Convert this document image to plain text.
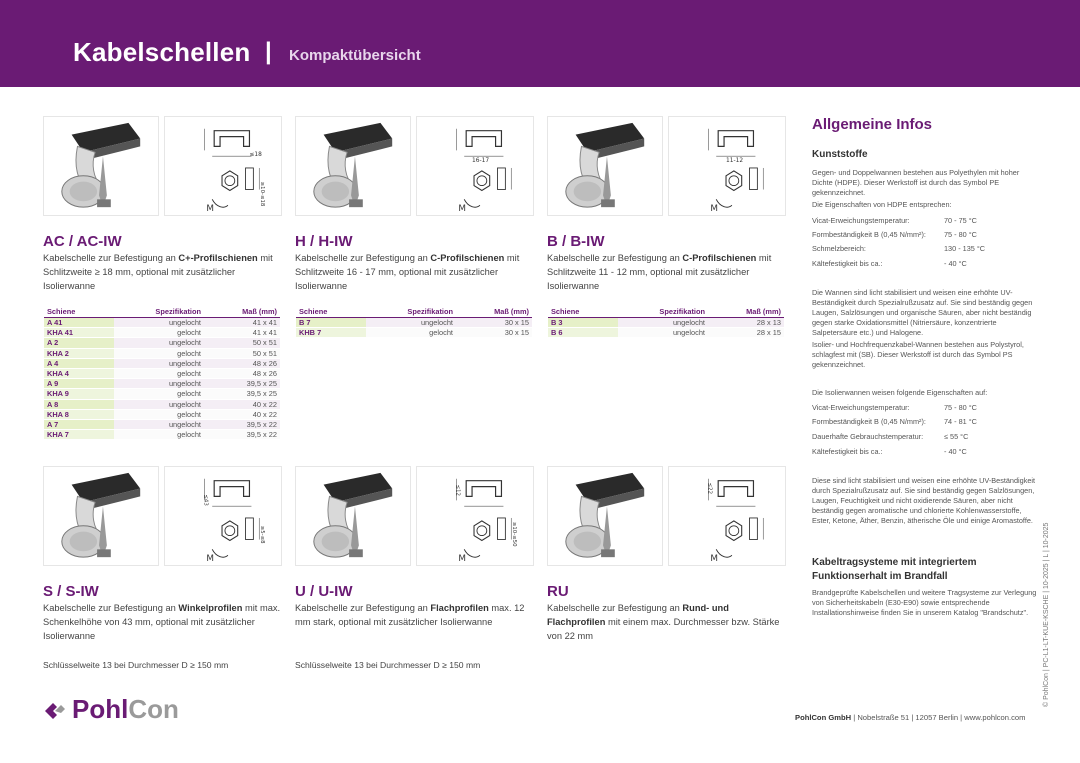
Kabelschellen | Kompaktübersicht
≤18
≥10-≤18
AC / AC-IW
Kabelschelle zur Befestigung an C+-Profilschienen mit Schlitzweite ≥ 18 mm, optional mit zusätzlicher Isolierwanne
Schiene	Spezifikation	Maß (mm)
A 41	ungelocht	41 x 41
KHA 41	gelocht	41 x 41
A 2	ungelocht	50 x 51
KHA 2	gelocht	50 x 51
A 4	ungelocht	48 x 26
KHA 4	gelocht	48 x 26
A 9	ungelocht	39,5 x 25
KHA 9	gelocht	39,5 x 25
A 8	ungelocht	40 x 22
KHA 8	gelocht	40 x 22
A 7	ungelocht	39,5 x 22
KHA 7	gelocht	39,5 x 22
16-17
H / H-IW
Kabelschelle zur Befestigung an C-Profilschienen mit Schlitzweite 16 - 17 mm, optional mit zusätzlicher Isolierwanne
Schiene	Spezifikation	Maß (mm)
B 7	ungelocht	30 x 15
KHB 7	gelocht	30 x 15
11-12
B / B-IW
Kabelschelle zur Befestigung an C-Profilschienen mit Schlitzweite 11 - 12 mm, optional mit zusätzlicher Isolierwanne
Schiene	Spezifikation	Maß (mm)
B 3	ungelocht	28 x 13
B 6	ungelocht	28 x 15
≤43
≥5-≤8
S / S-IW
Kabelschelle zur Befestigung an Winkelprofilen mit max. Schenkelhöhe von 43 mm, optional mit zusätzlicher Isolierwanne
Schlüsselweite 13 bei Durchmesser D ≥ 150 mm
≤12
≥10-≤50
U / U-IW
Kabelschelle zur Befestigung an Flachprofilen max. 12 mm stark, optional mit zusätzlicher Isolierwanne
Schlüsselweite 13 bei Durchmesser D ≥ 150 mm
≤22
RU
Kabelschelle zur Befestigung an Rund- und Flachprofilen mit einem max. Durchmesser bzw. Stärke von 22 mm
Allgemeine Infos
Kunststoffe
Gegen- und Doppelwannen bestehen aus Polyethylen mit hoher Dichte (HDPE). Dieser Werkstoff ist durch das Symbol PE gekennzeichnet.
Die Eigenschaften von HDPE entsprechen:
Vicat-Erweichungstemperatur:	70 - 75 °C
Formbeständigkeit B (0,45 N/mm²): 75 - 80 °C
Schmelzbereich:	130 - 135 °C
Kältefestigkeit bis ca.:	- 40 °C
Die Wannen sind licht stabilisiert und weisen eine erhöhte UV-Beständigkeit durch Spezialrußzusatz auf. Sie sind beständig gegen Laugen, Salzlösungen und organische Säuren, aber nicht beständig gegen starke Oxidationsmittel (Nitriersäure, konzentrierte Salpetersäure etc.) und Halogene.
Isolier- und Hochfrequenzkabel-Wannen bestehen aus Polystyrol, schlagfest mit (SB). Dieser Werkstoff ist durch das Symbol PS gekennzeichnet.
Die Isolierwannen weisen folgende Eigenschaften auf:
Vicat-Erweichungstemperatur:	75 - 80 °C
Formbeständigkeit B (0,45 N/mm²): 74 - 81 °C
Dauerhafte Gebrauchstemperatur:	≤ 55 °C
Kältefestigkeit bis ca.:	- 40 °C
Diese sind licht stabilisiert und weisen eine erhöhte UV-Beständigkeit durch Spezialrußzusatz auf. Sie sind beständig gegen Salzlösungen, Laugen, Feuchtigkeit und nicht oxidierende Säuren, aber nicht beständig gegen aromatische und chlorierte Kohlenwasserstoffe, Ester, Ketone, Äther, Benzin, ätherische Öle und einige Aromastoffe.
Kabeltragsysteme mit integriertem Funktionserhalt im Brandfall
Brandgeprüfte Kabelschellen und weitere Tragsysteme zur Verlegung von Sicherheitskabeln (E30-E90) sowie entsprechende Installationshinweise finden Sie in unserem Katalog "Brandschutz".
PohlCon	PohlCon GmbH | Nobelstraße 51 | 12057 Berlin | www.pohlcon.com
© PohlCon | PC-L1-LT-KUE-KSCHE | 10-2025 | L | 10-2025
